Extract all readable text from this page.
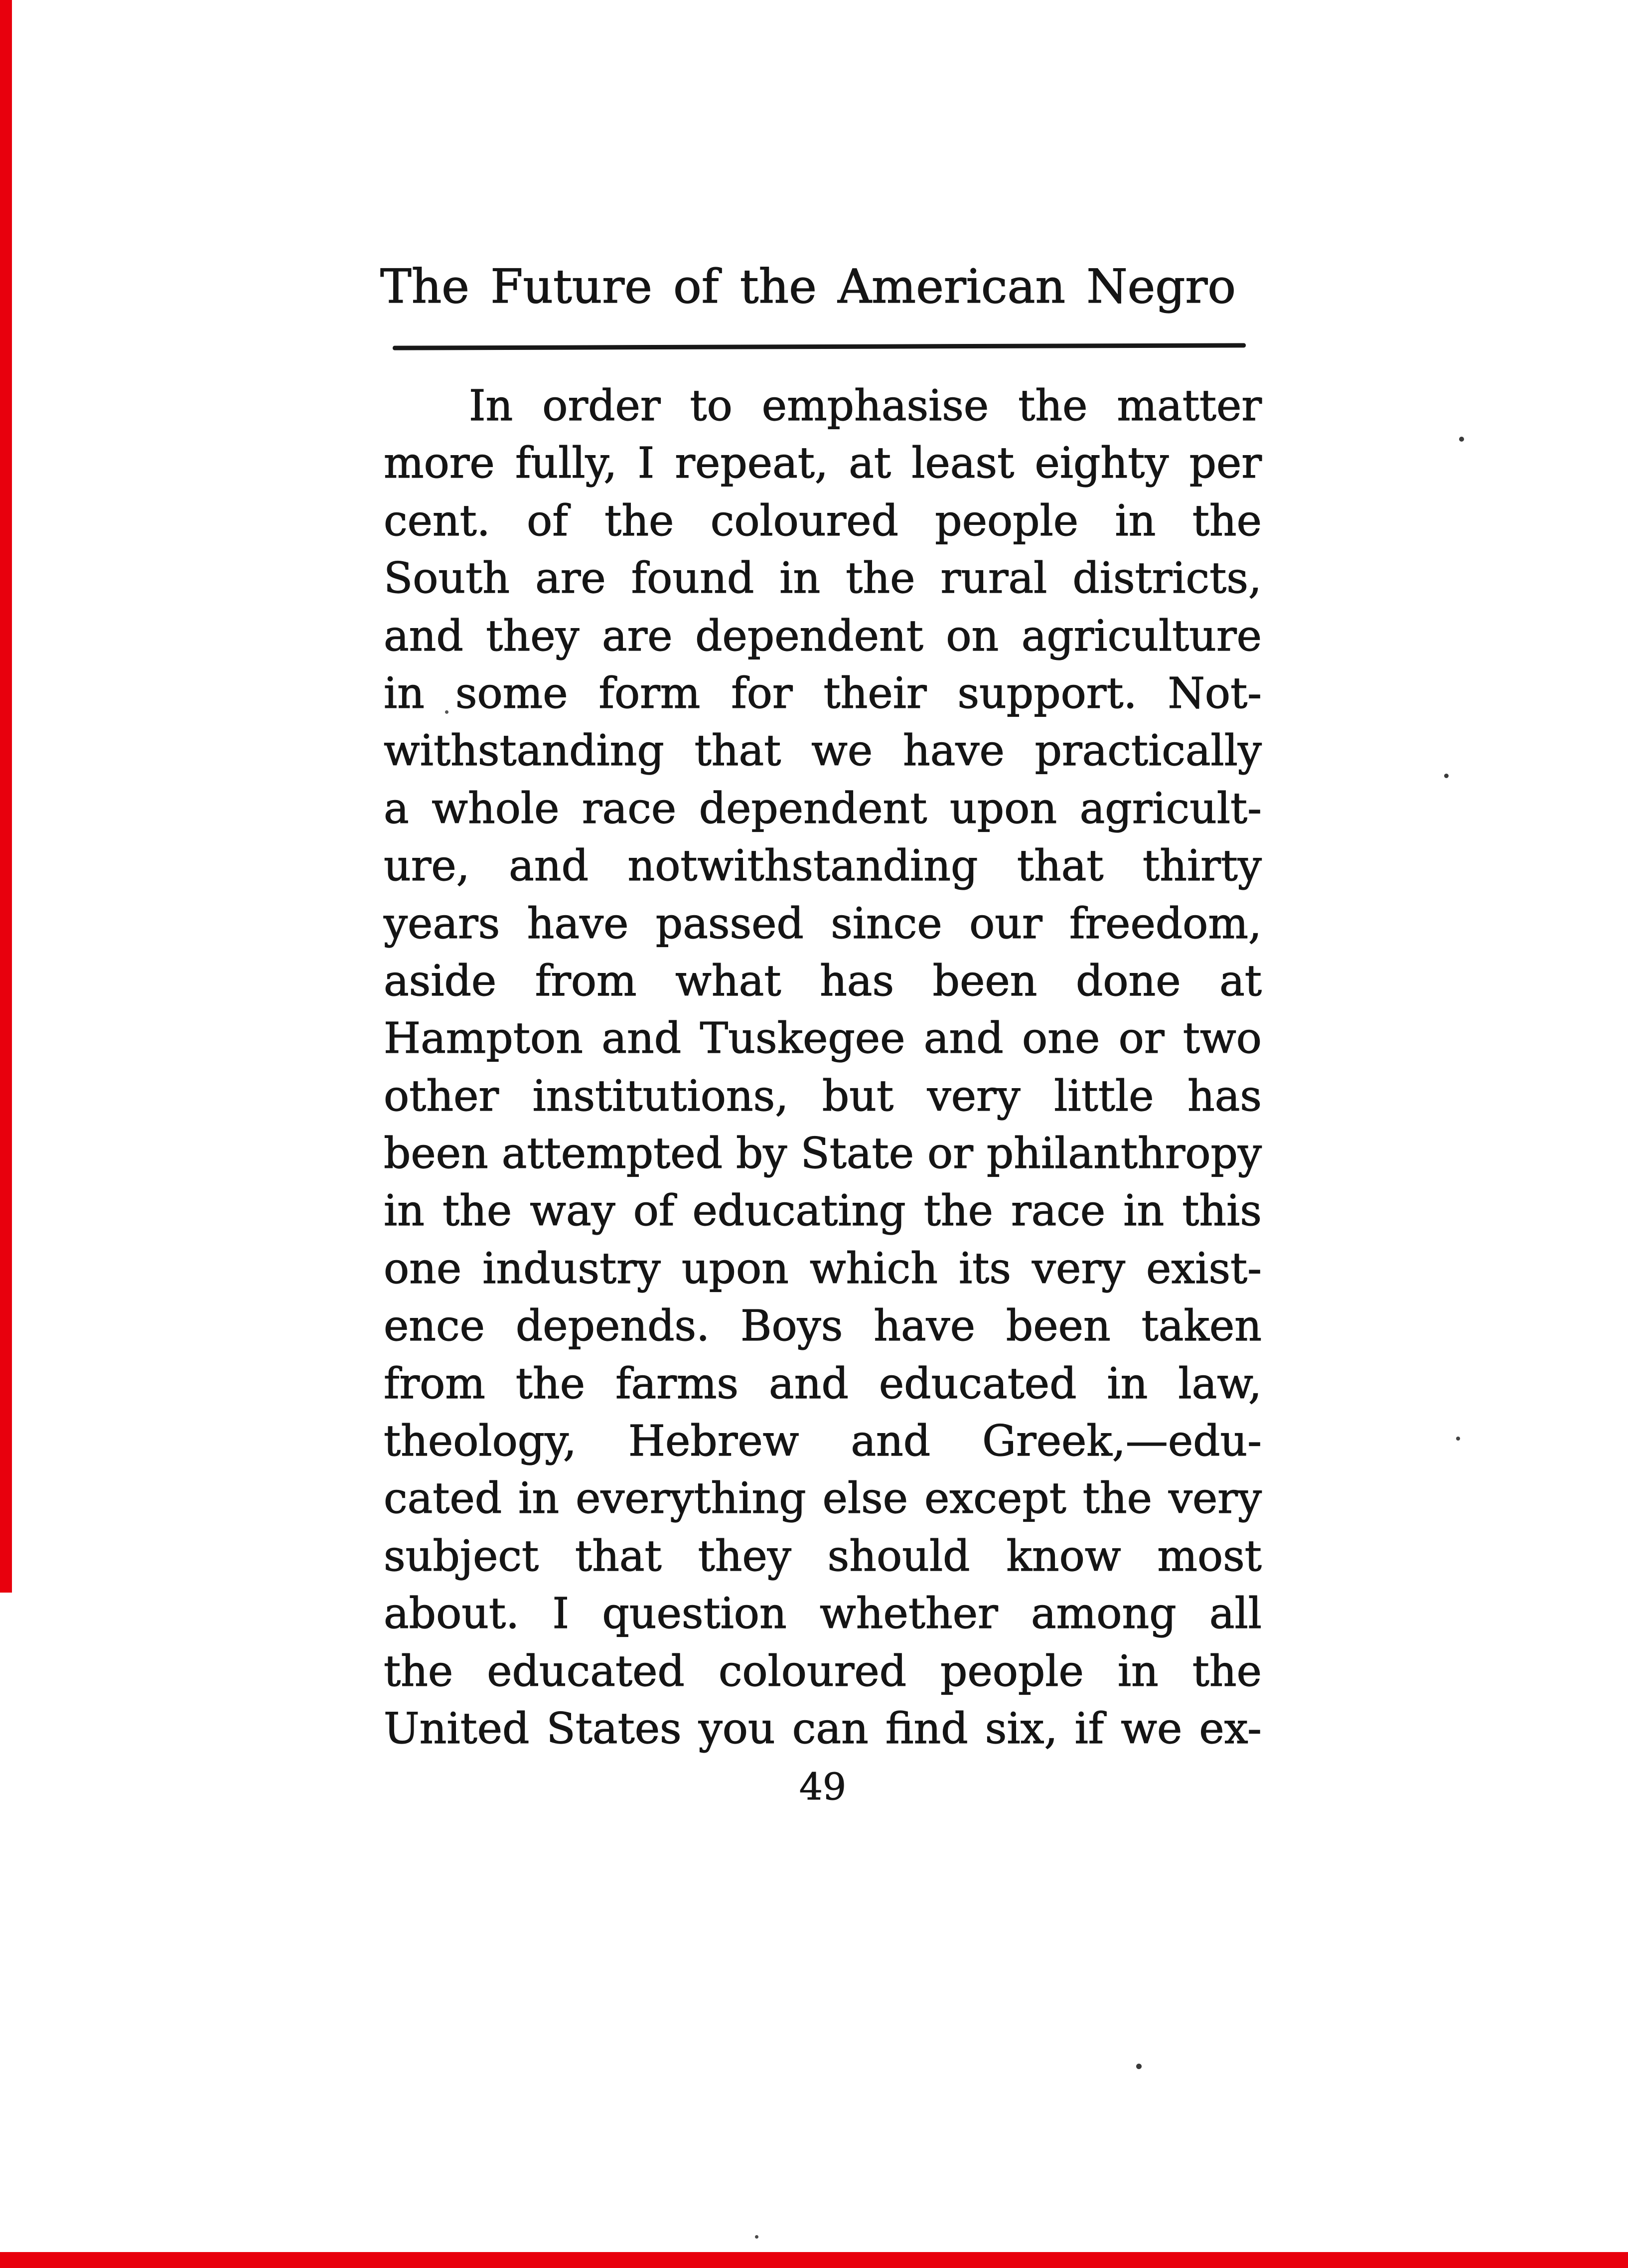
The Future of the American Negro
In order to emphasise the matter
more fully, I repeat, at least eighty per
cent. of the coloured people in the
South are found in the rural districts,
and they are dependent on agriculture
in some form for their support. Not-
withstanding that we have practically
a whole race dependent upon agricult-
ure, and notwithstanding that thirty
years have passed since our freedom,
aside from what has been done at
Hampton and Tuskegee and one or two
other institutions, but very little has
been attempted by State or philanthropy
in the way of educating the race in this
one industry upon which its very exist-
ence depends. Boys have been taken
from the farms and educated in law,
theology, Hebrew and Greek,—edu-
cated in everything else except the very
subject that they should know most
about. I question whether among all
the educated coloured people in the
United States you can find six, if we ex-
49
